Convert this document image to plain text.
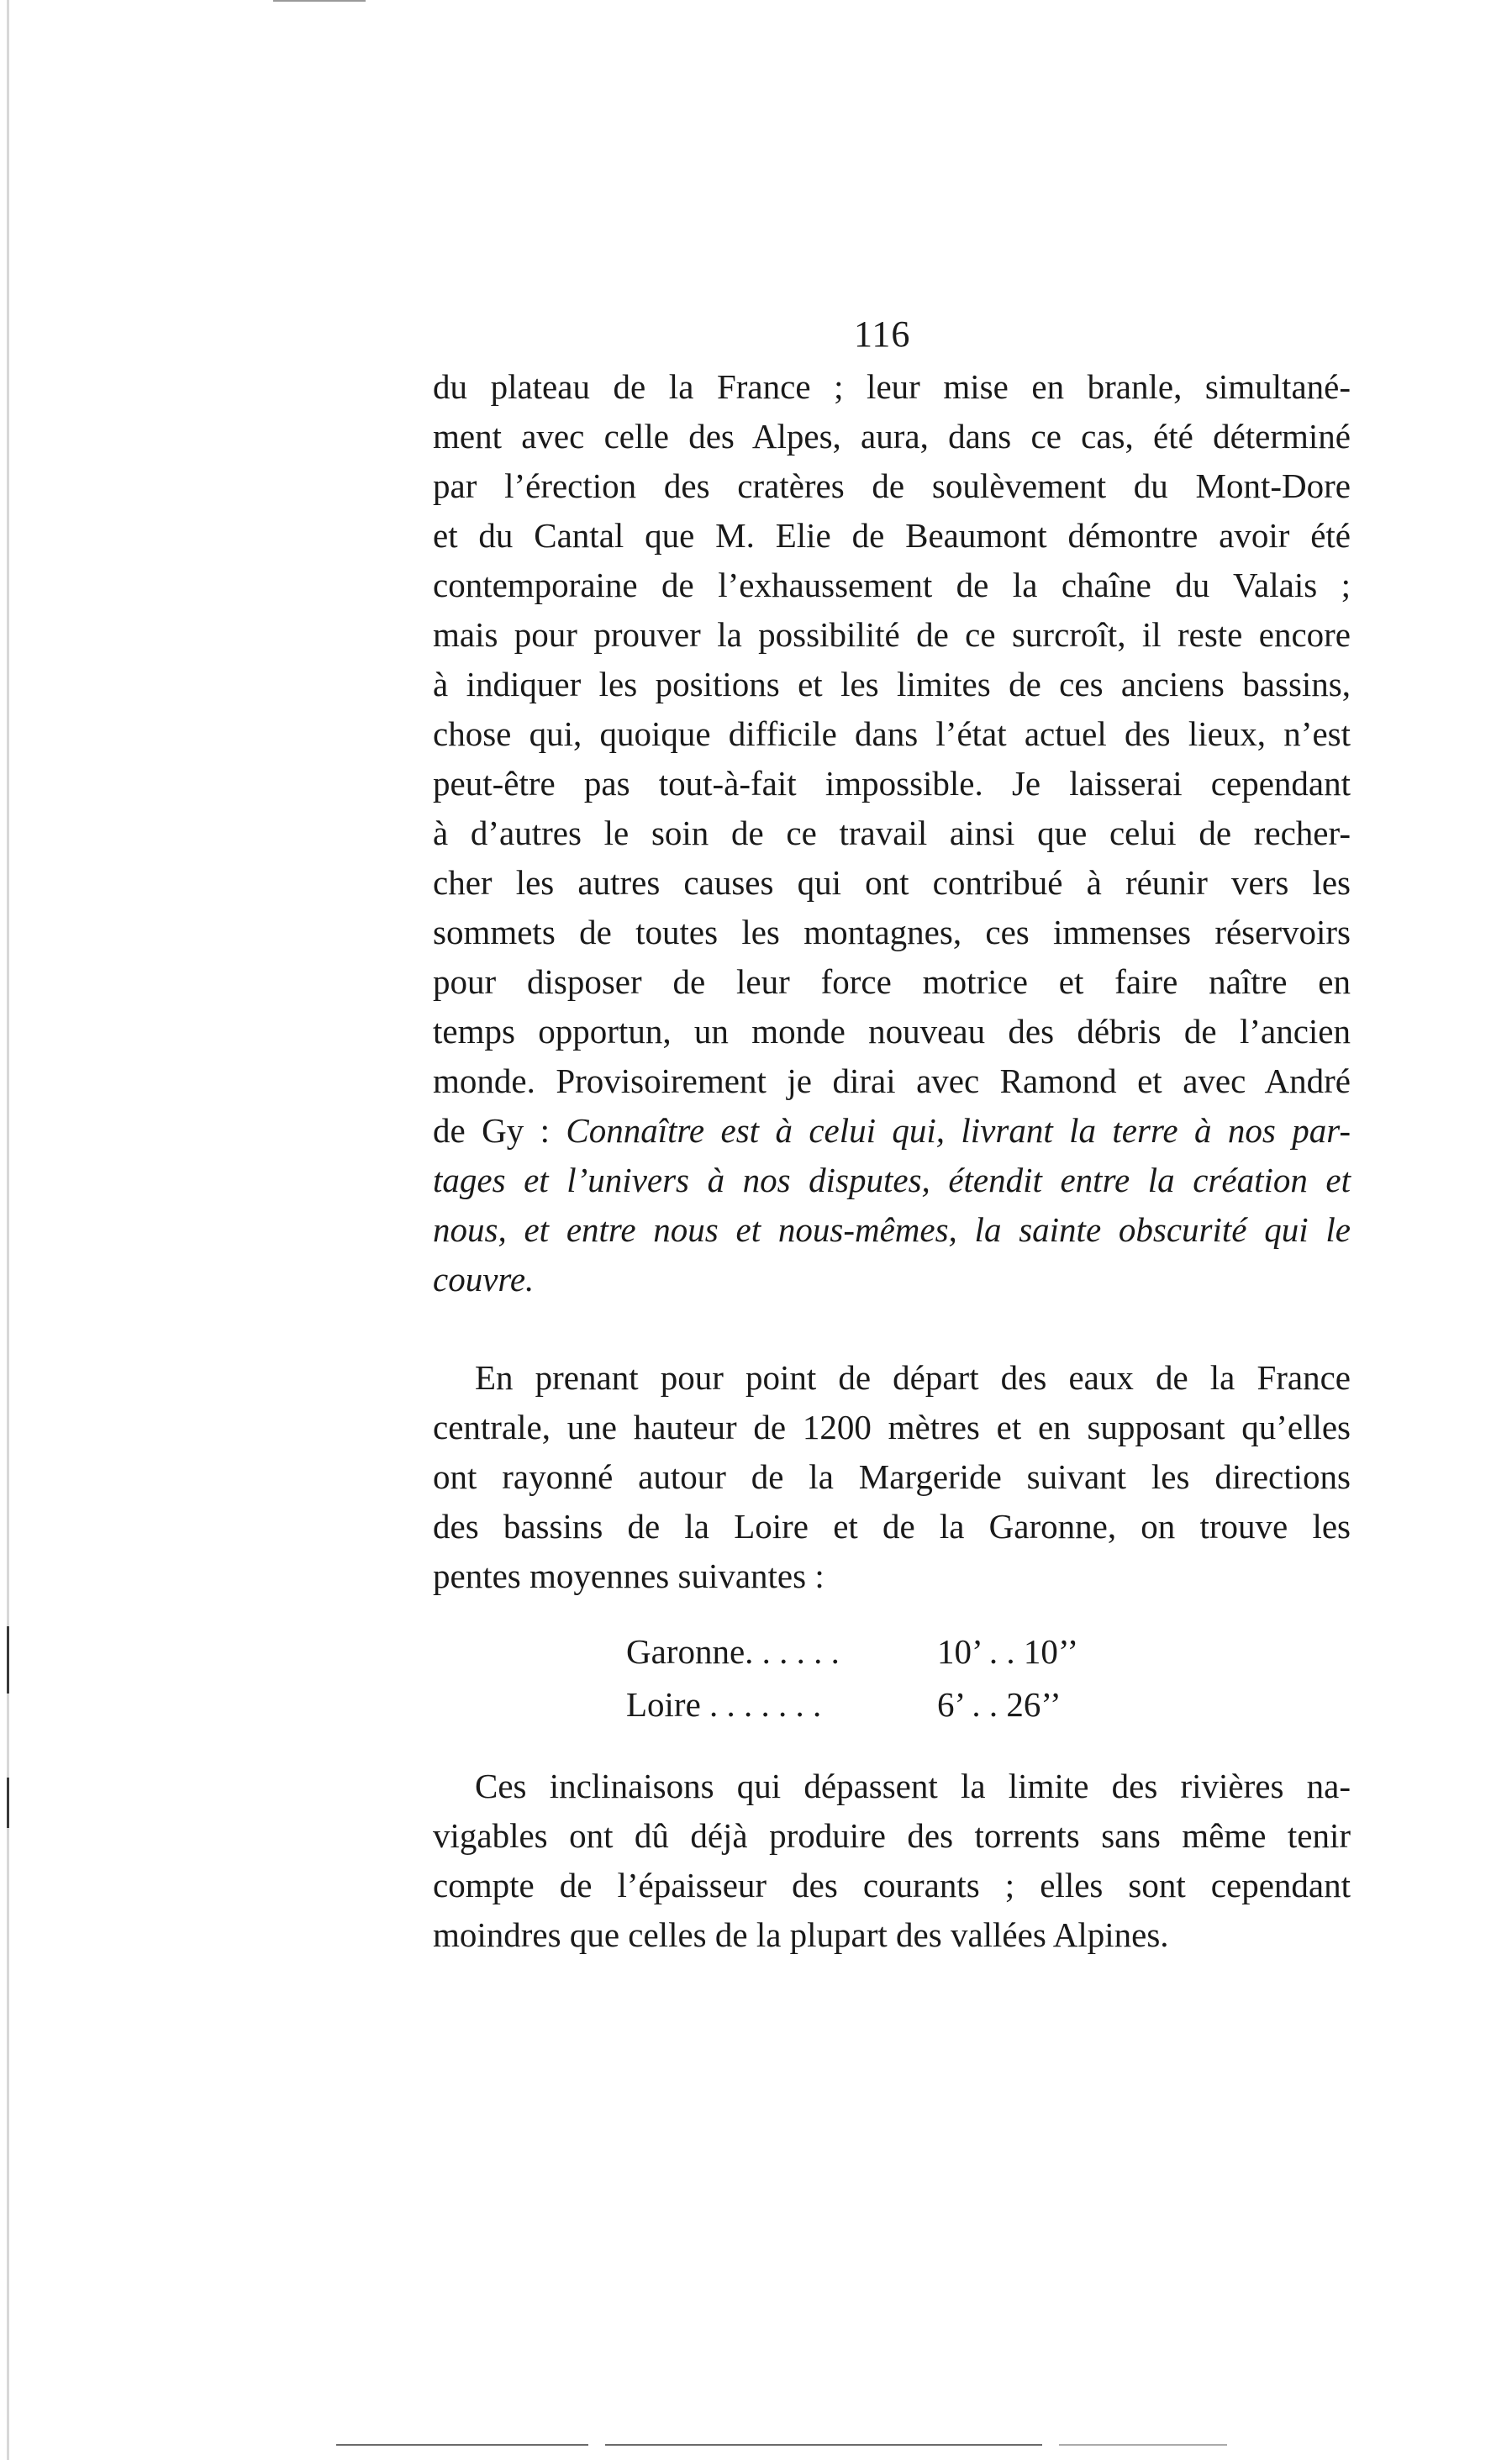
116
du plateau de la France ; leur mise en branle, simultané-
ment avec celle des Alpes, aura, dans ce cas, été déterminé
par l’érection des cratères de soulèvement du Mont-Dore
et du Cantal que M. Elie de Beaumont démontre avoir été
contemporaine de l’exhaussement de la chaîne du Valais ;
mais pour prouver la possibilité de ce surcroît, il reste encore
à indiquer les positions et les limites de ces anciens bassins,
chose qui, quoique difficile dans l’état actuel des lieux, n’est
peut-être pas tout-à-fait impossible. Je laisserai cependant
à d’autres le soin de ce travail ainsi que celui de recher-
cher les autres causes qui ont contribué à réunir vers les
sommets de toutes les montagnes, ces immenses réservoirs
pour disposer de leur force motrice et faire naître en
temps opportun, un monde nouveau des débris de l’ancien
monde. Provisoirement je dirai avec Ramond et avec André
de Gy : Connaître est à celui qui, livrant la terre à nos par-
tages et l’univers à nos disputes, étendit entre la création et
nous, et entre nous et nous-mêmes, la sainte obscurité qui le
couvre.
En prenant pour point de départ des eaux de la France
centrale, une hauteur de 1200 mètres et en supposant qu’elles
ont rayonné autour de la Margeride suivant les directions
des bassins de la Loire et de la Garonne, on trouve les
pentes moyennes suivantes :
Garonne. . . . . .	10’ . . 10’’
Loire . . . . . . .	6’ . . 26’’
Ces inclinaisons qui dépassent la limite des rivières na-
vigables ont dû déjà produire des torrents sans même tenir
compte de l’épaisseur des courants ; elles sont cependant
moindres que celles de la plupart des vallées Alpines.
